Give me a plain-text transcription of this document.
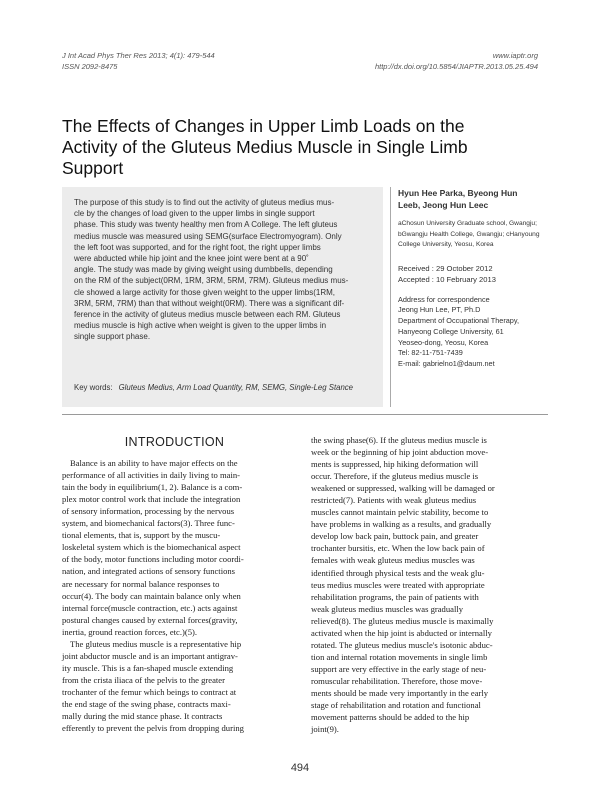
J Int Acad Phys Ther Res 2013; 4(1): 479-544
ISSN 2092-8475
www.iaptr.org
http://dx.doi.org/10.5854/JIAPTR.2013.05.25.494
The Effects of Changes in Upper Limb Loads on the
Activity of the Gluteus Medius Muscle in Single Limb
Support
The purpose of this study is to find out the activity of gluteus medius mus-
cle by the changes of load given to the upper limbs in single support
phase. This study was twenty healthy men from A College. The left gluteus
medius muscle was measured using SEMG(surface Electromyogram). Only
the left foot was supported, and for the right foot, the right upper limbs
were abducted while hip joint and the knee joint were bent at a 90˚
angle. The study was made by giving weight using dumbbells, depending
on the RM of the subject(0RM, 1RM, 3RM, 5RM, 7RM). Gluteus medius mus-
cle showed a large activity for those given weight to the upper limbs(1RM,
3RM, 5RM, 7RM) than that without weight(0RM). There was a significant dif-
ference in the activity of gluteus medius muscle between each RM. Gluteus
medius muscle is high active when weight is given to the upper limbs in
single support phase.
Key words: Gluteus Medius, Arm Load Quantity, RM, SEMG, Single-Leg Stance
Hyun Hee Parka, Byeong Hun
Leeb, Jeong Hun Leec
aChosun University Graduate school, Gwangju;
bGwangju Health College, Gwangju; cHanyoung
College University, Yeosu, Korea
Received : 29 October 2012
Accepted : 10 February 2013
Address for correspondence
Jeong Hun Lee, PT, Ph.D
Department of Occupational Therapy,
Hanyeong College University, 61
Yeoseo-dong, Yeosu, Korea
Tel: 82-11-751-7439
E-mail: gabrielno1@daum.net
INTRODUCTION
Balance is an ability to have major effects on the
performance of all activities in daily living to main-
tain the body in equilibrium(1, 2). Balance is a com-
plex motor control work that include the integration
of sensory information, processing by the nervous
system, and biomechanical factors(3). Three func-
tional elements, that is, support by the muscu-
loskeletal system which is the biomechanical aspect
of the body, motor functions including motor coordi-
nation, and integrated actions of sensory functions
are necessary for normal balance responses to
occur(4). The body can maintain balance only when
internal force(muscle contraction, etc.) acts against
postural changes caused by external forces(gravity,
inertia, ground reaction forces, etc.)(5).
The gluteus medius muscle is a representative hip
joint abductor muscle and is an important antigrav-
ity muscle. This is a fan-shaped muscle extending
from the crista iliaca of the pelvis to the greater
trochanter of the femur which beings to contract at
the end stage of the swing phase, contracts maxi-
mally during the mid stance phase. It contracts
efferently to prevent the pelvis from dropping during
the swing phase(6). If the gluteus medius muscle is
week or the beginning of hip joint abduction move-
ments is suppressed, hip hiking deformation will
occur. Therefore, if the gluteus medius muscle is
weakened or suppressed, walking will be damaged or
restricted(7). Patients with weak gluteus medius
muscles cannot maintain pelvic stability, become to
have problems in walking as a results, and gradually
develop low back pain, buttock pain, and greater
trochanter bursitis, etc. When the low back pain of
females with weak gluteus medius muscles was
identified through physical tests and the weak glu-
teus medius muscles were treated with appropriate
rehabilitation programs, the pain of patients with
weak gluteus medius muscles was gradually
relieved(8). The gluteus medius muscle is maximally
activated when the hip joint is abducted or internally
rotated. The gluteus medius muscle's isotonic abduc-
tion and internal rotation movements in single limb
support are very effective in the early stage of neu-
romuscular rehabilitation. Therefore, those move-
ments should be made very importantly in the early
stage of rehabilitation and rotation and functional
movement patterns should be added to the hip
joint(9).
494
